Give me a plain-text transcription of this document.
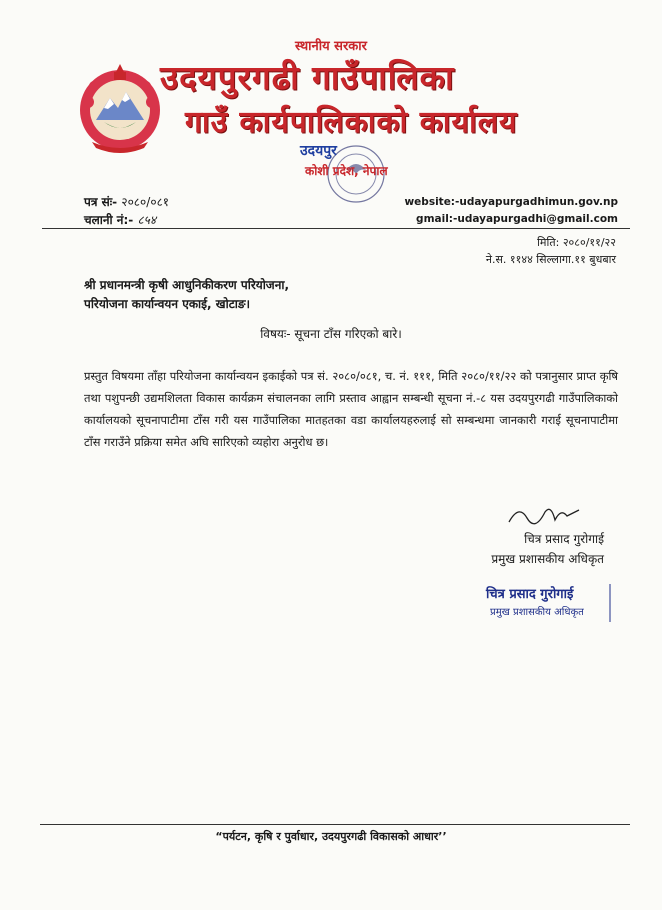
स्थानीय सरकार
उदयपुरगढी गाउँपालिका
गाउँ कार्यपालिकाको कार्यालय
उदयपुर
कोशी प्रदेश, नेपाल
पत्र संः- २०८०/०८१
चलानी नं:- ८५४
website:-udayapurgadhimun.gov.np
gmail:-udayapurgadhi@gmail.com
मिति: २०८०/११/२२
ने.स. ११४४ सिल्लागा.११ बुधबार
श्री प्रधानमन्त्री कृषी आधुनिकीकरण परियोजना,
परियोजना कार्यान्वयन एकाई, खोटाङ।
विषयः- सूचना टाँस गरिएको बारे।
प्रस्तुत विषयमा ताँहा परियोजना कार्यान्वयन इकाईको पत्र सं. २०८०/०८१, च. नं. १११, मिति २०८०/११/२२ को पत्रानुसार प्राप्त कृषि तथा पशुपन्छी उद्यमशिलता विकास कार्यक्रम संचालनका लागि प्रस्ताव आह्वान सम्बन्धी सूचना नं.-८ यस उदयपुरगढी गाउँपालिकाको कार्यालयको सूचनापाटीमा टाँस गरी यस गाउँपालिका मातहतका वडा कार्यालयहरुलाई सो सम्बन्धमा जानकारी गराई सूचनापाटीमा टाँस गराउँने प्रक्रिया समेत अघि सारिएको व्यहोरा अनुरोध छ।
चित्र प्रसाद गुरोगाई
प्रमुख प्रशासकीय अधिकृत
चित्र प्रसाद गुरोगाई
प्रमुख प्रशासकीय अधिकृत
“पर्यटन, कृषि र पुर्वाधार, उदयपुरगढी विकासको आधार’’
